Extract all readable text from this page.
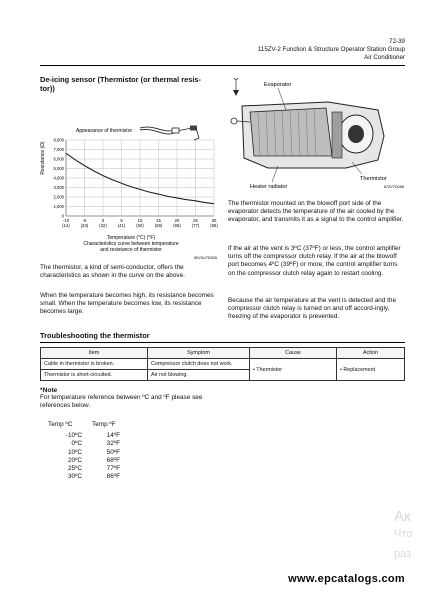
72-39
115ZV-2 Function & Structure Operator Station Group
Air Conditioner
De-icing sensor (Thermistor (or thermal resis-
tor))
8,000
7,000
6,000
5,000
4,000
3,000
2,000
1,000
0
-10
(14)
-5
(23)
0
(32)
5
(41)
10
(50)
15
(59)
20
(68)
25
(77)
30
(86)
Resistance (Ω)
Appearance of thermistor
Temperature (°C) (°F)
Characteristics curve between temperature
and resistance of thermistor
80V2U7D005
The thermistor, a kind of semi-conductor, offers the characteristics as shown in the curve on the above.
When the temperature becomes high, its resistance becomes small. When the temperature becomes low, its resistance becomes large.
Evaporator
Thermistor
Heater radiator	87ZV7D056
The thermistor mounted on the blowoff port side of the evaporator detects the temperature of the air cooled by the evaporator, and transmits it as a signal to the control amplifier.
If the air at the vent is 3ºC (37ºF) or less, the control amplifier turns off the compressor clutch relay. If the air at the blowoff port becomes 4ºC (39ºF) or more, the control amplifier turns on the compressor clutch relay again to restart cooling.
Because the air temperature at the vent is detected and the compressor clutch relay is turned on and off accord-ingly, freezing of the evaporator is prevented.
Troubleshooting the thermistor
Item	Symptom	Cause	Action
Cable in thermistor is broken.	Compressor clutch does not work.	• Thermistor	• Replacement
Thermistor is short-circuited.	Air not blowing.		
*Note
For temperature reference between ºC and ºF please see references below.
Temp ºC	Temp ºF
-10ºC	14ºF
0ºC	32ºF
10ºC	50ºF
20ºC	68ºF
25ºC	77ºF
30ºC	86ºF
Ак
Что
раз
www.epcatalogs.com
